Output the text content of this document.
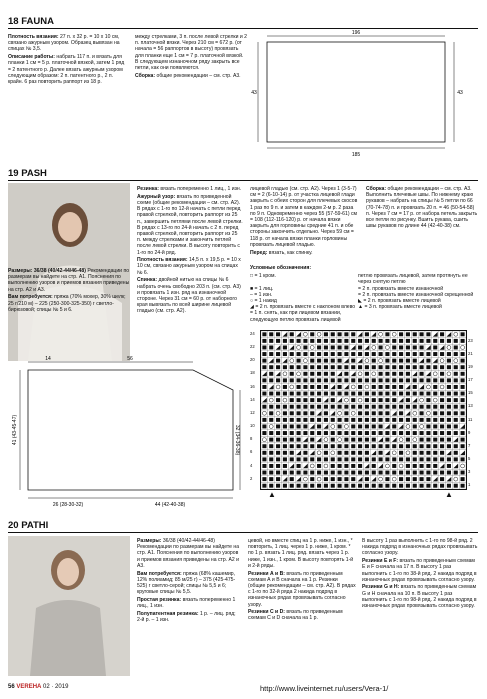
18 FAUNA

Плотность вязания: 27 п. x 32 р. = 10 x 10 см, связано ажурным узором. Образец вывязан на спицах № 3,5.

Описание работы: набрать 117 п. и вязать для планки 1 см = 5 р. платочной вязкой, затем 1 ряд = 2 патентного р. Далее вязать ажурным узором следующим образом: 2 п. патентного р., 2 п. крайн. 6 раз повторить раппорт из 18 р.

между стрелками, 3 п. после левой стрелки и 2 п. платочной вязки. Через 210 см = 672 р. (от начала = 56 раппортов в высоту) провязать для планки еще 1 см = 7 р. платочной вязкой. В следующем изнаночном ряду закрыть все петли, как они появляются.

Сборка: общие рекомендации – см. стр. А3.

196
185
43	43
19 PASH

Размеры: 36/38 (40/42-44/46-48) Рекомендации по размерам вы найдете на стр. А1. Пояснения по выполнению узоров и приемов вязания приведены на стр. А2 и А3.

Вам потребуется: пряжа (70% мохер, 30% шелк; 25 г/210 м) – 225 (250-300-325-350) г светло-бирюзовой; спицы № 5 и 6.

Резинка: вязать попеременно 1 лиц., 1 изн.

Ажурный узор: вязать по приведенной схеме (общие рекомендации – см. стр. А2). В рядах с 1-го по 12-й начать с петли перед правой стрелкой, повторить раппорт из 25 п., завершить петлями после левой стрелки. В рядах с 13-го по 24-й начать с 2 п. перед правой стрелкой, повторить раппорт из 25 п. между стрелками и закончить петлей после левой стрелки. В высоту повторить с 1-го по 24-й ряд.

Плотность вязания: 14,5 п. x 19,5 р. = 10 x 10 см, связано ажурным узором на спицах № 6.

Спинка: двойной нитью на спицы № 6 набрать очень свободно 203 п. (см. стр. А3) и провязать 1 изн. ряд на изнаночной стороне. Через 31 см = 60 р. от наборного края вывязать по всей ширине лицевой гладью (см. стр. А2).

лицевой гладью (см. стр. А2). Через 1 (3-5-7) см = 2 (6-10-14) р. от участка лицевой глади закрыть с обеих сторон для плечевых скосов 1 раз по 9 п. и затем в каждом 2-м р. 2 раза по 9 п. Одновременно через 55 (57-59-61) см = 108 (112-116-120) р. от начала вязки закрыть для горловины средние 41 п. и обе стороны закончить отдельно. Через 59 см = 118 р. от начала вязки планки горловины провязать лицевой гладью.

Перед: вязать, как спинку.

Сборка: общие рекомендации – см. стр. А3. Выполнить плечевые швы. По нижнему краю рукавов – набрать на спицы № 5 петли по 66 (70-74-78) п. и провязать 20 п. = 46 (50-54-58) п. Через 7 см = 17 р. от набора петель закрыть все петли по рисунку. Вшить рукава, сшить швы рукавов по длине 44 (42-40-38) см.

Условные обозначения:

□ = 1 кром.	петлю провязать лицевой, затем протянуть ее через снятую петлю
■ = 1 лиц.	= 2 п. провязать вместе изнаночной
– = 1 изн.	= 2 п. провязать вместе изнаночной скрещенной
○ = 1 накид	◣ = 2 п. провязать вместе лицевой
◢ = 2 п. провязать вместе с наклоном влево = 1 п. снять, как при лицевом вязании, следующую петлю провязать лицевой
▲ = 3 п. провязать вместе лицевой
14	56
41 (43-45-47)	32 (34-36-38)
26 (28-30-32)	44 (42-40-38)
24
22
20
18
16
14
12
10
8
6
4
2
23
21
19
17
15
13
11
9
7
5
3
1
▲	▲
20 PATHI

Размеры: 36/38 (40/42-44/46-48) Рекомендации по размерам вы найдете на стр. А1. Пояснения по выполнению узоров и приемов вязания приведены на стр. А2 и А3.

Вам потребуется: пряжа (68% кашемир, 12% полиамид; 85 м/25 г) – 375 (425-475-525) г светло-серой; спицы № 5,5 и 6; круговые спицы № 5,5.

Простая резинка: вязать попеременно 1 лиц., 1 изн.

Полупатентная резинка: 1 р. – лиц. ряд; 2-й р. – 1 изн.

цевой, но вместе спиц на 1 р. ниже, 1 изн., * повторить, 1 лиц. через 1 р. ниже, 1 кром. * по 1 р. вязать 1 лиц. ряд. вязать через 1 р. ниже, 1 изн., 1 кром. В высоту повторять 1-й и 2-й ряды.

Резинки А и В: вязать по приведенным схемам А и В сначала на 1 р. Резинки (общие рекомендации – см. стр. А2). В рядах с 1-го по 32-й ряда 2 накида подряд в изнаночных рядах провязывать согласно узору.

Резинки С и D: вязать по приведенным схемам С и D сначала на 1 р.

В высоту 1 раз выполнить с 1-го по 98-й ряд. 2 накида подряд в изнаночных рядах провязывать согласно узору.

Резинки Е и F: вязать по приведенным схемам Е и F сначала на 17 п. В высоту 1 раз выполнить с 1-го по 38-й ряд. 2 накида подряд в изнаночных рядах провязывать согласно узору.

Резинки G и H: вязать по приведенным схемам G и H сначала на 10 п. В высоту 1 раз выполнить с 1-го по 98-й ряд. 2 накида подряд в изнаночных рядах провязывать согласно узору.

56 VEREHA 02 · 2019	http://www.liveinternet.ru/users/Vera-1/
